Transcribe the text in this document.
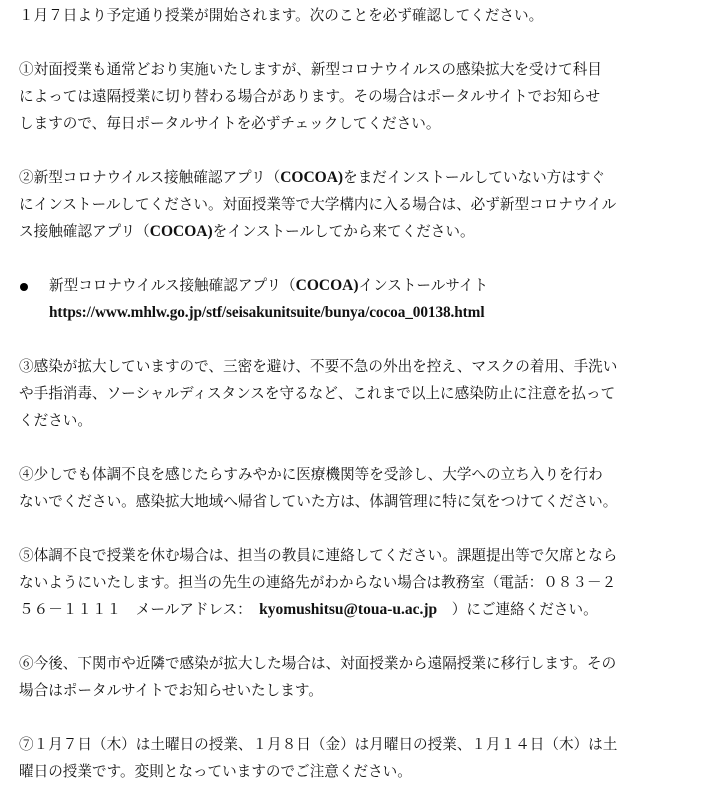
１月７日より予定通り授業が開始されます。次のことを必ず確認してください。

①対面授業も通常どおり実施いたしますが、新型コロナウイルスの感染拡大を受けて科目
によっては遠隔授業に切り替わる場合があります。その場合はポータルサイトでお知らせ
しますので、毎日ポータルサイトを必ずチェックしてください。

②新型コロナウイルス接触確認アプリ（COCOA)をまだインストールしていない方はすぐ
にインストールしてください。対面授業等で大学構内に入る場合は、必ず新型コロナウイル
ス接触確認アプリ（COCOA)をインストールしてから来てください。

新型コロナウイルス接触確認アプリ（COCOA)インストールサイト
https://www.mhlw.go.jp/stf/seisakunitsuite/bunya/cocoa_00138.html

③感染が拡大していますので、三密を避け、不要不急の外出を控え、マスクの着用、手洗い
や手指消毒、ソーシャルディスタンスを守るなど、これまで以上に感染防止に注意を払って
ください。

④少しでも体調不良を感じたらすみやかに医療機関等を受診し、大学への立ち入りを行わ
ないでください。感染拡大地域へ帰省していた方は、体調管理に特に気をつけてください。

⑤体調不良で授業を休む場合は、担当の教員に連絡してください。課題提出等で欠席となら
ないようにいたします。担当の先生の連絡先がわからない場合は教務室（電話：０８３－２
５６－１１１１　メールアドレス：　kyomushitsu@toua-u.ac.jp　）にご連絡ください。

⑥今後、下関市や近隣で感染が拡大した場合は、対面授業から遠隔授業に移行します。その
場合はポータルサイトでお知らせいたします。

⑦１月７日（木）は土曜日の授業、１月８日（金）は月曜日の授業、１月１４日（木）は土
曜日の授業です。変則となっていますのでご注意ください。
